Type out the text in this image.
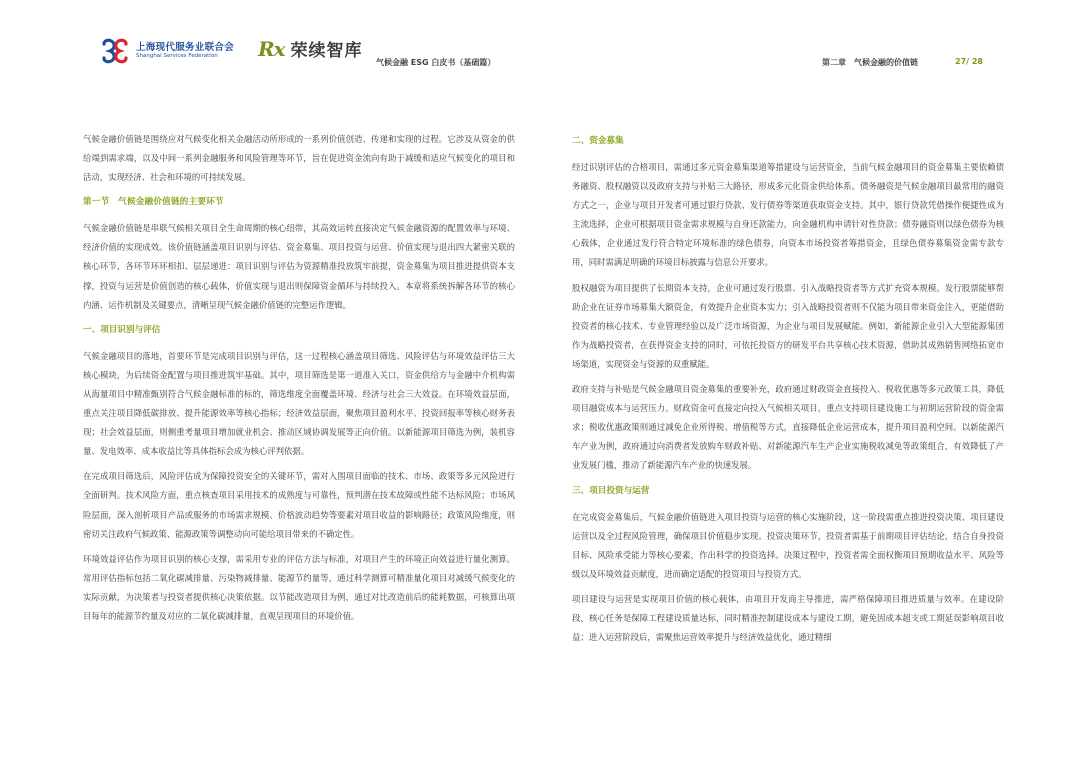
上海现代服务业联合会
Shanghai Services Federation	Rx 荣续智库
气候金融 ESG 白皮书（基础篇）	第二章　气候金融的价值链	27/ 28

气候金融价值链是围绕应对气候变化相关金融活动所形成的一系列价值创造、传递和实现的过程。它涉及从资金的供给端到需求端，以及中间一系列金融服务和风险管理等环节，旨在促进资金流向有助于减缓和适应气候变化的项目和活动，实现经济、社会和环境的可持续发展。

第一节　气候金融价值链的主要环节

气候金融价值链是串联气候相关项目全生命周期的核心纽带，其高效运转直接决定气候金融资源的配置效率与环境、经济价值的实现成效。该价值链涵盖项目识别与评估、资金募集、项目投资与运营、价值实现与退出四大紧密关联的核心环节，各环节环环相扣、层层递进：项目识别与评估为资源精准投放筑牢前提，资金募集为项目推进提供资本支撑，投资与运营是价值创造的核心载体，价值实现与退出则保障资金循环与持续投入。本章将系统拆解各环节的核心内涵、运作机制及关键要点，清晰呈现气候金融价值链的完整运作逻辑。

一、项目识别与评估

气候金融项目的落地，首要环节是完成项目识别与评估，这一过程核心涵盖项目筛选、风险评估与环境效益评估三大核心模块，为后续资金配置与项目推进筑牢基础。其中，项目筛选是第一道准入关口，资金供给方与金融中介机构需从海量项目中精准甄别符合气候金融标准的标的，筛选维度全面覆盖环境、经济与社会三大效益。在环境效益层面，重点关注项目降低碳排放、提升能源效率等核心指标；经济效益层面，聚焦项目盈利水平、投资回报率等核心财务表现；社会效益层面，则侧重考量项目增加就业机会、推动区域协调发展等正向价值。以新能源项目筛选为例，装机容量、发电效率、成本收益比等具体指标会成为核心评判依据。

在完成项目筛选后，风险评估成为保障投资安全的关键环节，需对入围项目面临的技术、市场、政策等多元风险进行全面研判。技术风险方面，重点核查项目采用技术的成熟度与可靠性，预判潜在技术故障或性能不达标风险；市场风险层面，深入剖析项目产品或服务的市场需求规模、价格波动趋势等要素对项目收益的影响路径；政策风险维度，则密切关注政府气候政策、能源政策等调整动向可能给项目带来的不确定性。

环境效益评估作为项目识别的核心支撑，需采用专业的评估方法与标准，对项目产生的环境正向效益进行量化测算。常用评估指标包括二氧化碳减排量、污染物减排量、能源节约量等，通过科学测算可精准量化项目对减缓气候变化的实际贡献，为决策者与投资者提供核心决策依据。以节能改造项目为例，通过对比改造前后的能耗数据，可核算出项目每年的能源节约量及对应的二氧化碳减排量，直观呈现项目的环境价值。

二、资金募集

经过识别评估的合格项目，需通过多元资金募集渠道筹措建设与运营资金，当前气候金融项目的资金募集主要依赖债务融资、股权融资以及政府支持与补贴三大路径，形成多元化资金供给体系。债务融资是气候金融项目最常用的融资方式之一，企业与项目开发者可通过银行贷款、发行债券等渠道获取资金支持。其中，银行贷款凭借操作便捷性成为主流选择，企业可根据项目资金需求规模与自身还款能力，向金融机构申请针对性贷款；债券融资则以绿色债券为核心载体，企业通过发行符合特定环境标准的绿色债券，向资本市场投资者筹措资金，且绿色债券募集资金需专款专用，同时需满足明确的环境目标披露与信息公开要求。

股权融资为项目提供了长期资本支持，企业可通过发行股票、引入战略投资者等方式扩充资本规模。发行股票能够帮助企业在证券市场募集大额资金，有效提升企业资本实力；引入战略投资者则不仅能为项目带来资金注入，更能借助投资者的核心技术、专业管理经验以及广泛市场资源，为企业与项目发展赋能。例如，新能源企业引入大型能源集团作为战略投资者，在获得资金支持的同时，可依托投资方的研发平台共享核心技术资源，借助其成熟销售网络拓宽市场渠道，实现资金与资源的双重赋能。

政府支持与补贴是气候金融项目资金募集的重要补充，政府通过财政资金直接投入、税收优惠等多元政策工具，降低项目融资成本与运营压力。财政资金可直接定向投入气候相关项目，重点支持项目建设施工与初期运营阶段的资金需求；税收优惠政策则通过减免企业所得税、增值税等方式，直接降低企业运营成本，提升项目盈利空间。以新能源汽车产业为例，政府通过向消费者发放购车财政补贴、对新能源汽车生产企业实施税收减免等政策组合，有效降低了产业发展门槛，推动了新能源汽车产业的快速发展。

三、项目投资与运营

在完成资金募集后，气候金融价值链进入项目投资与运营的核心实施阶段，这一阶段需重点推进投资决策、项目建设运营以及全过程风险管理，确保项目价值稳步实现。投资决策环节，投资者需基于前期项目评估结论，结合自身投资目标、风险承受能力等核心要素，作出科学的投资选择。决策过程中，投资者需全面权衡项目预期收益水平、风险等级以及环境效益贡献度，进而确定适配的投资项目与投资方式。

项目建设与运营是实现项目价值的核心载体，由项目开发商主导推进，需严格保障项目推进质量与效率。在建设阶段，核心任务是保障工程建设质量达标，同时精准控制建设成本与建设工期，避免因成本超支或工期延误影响项目收益；进入运营阶段后，需聚焦运营效率提升与经济效益优化，通过精细
